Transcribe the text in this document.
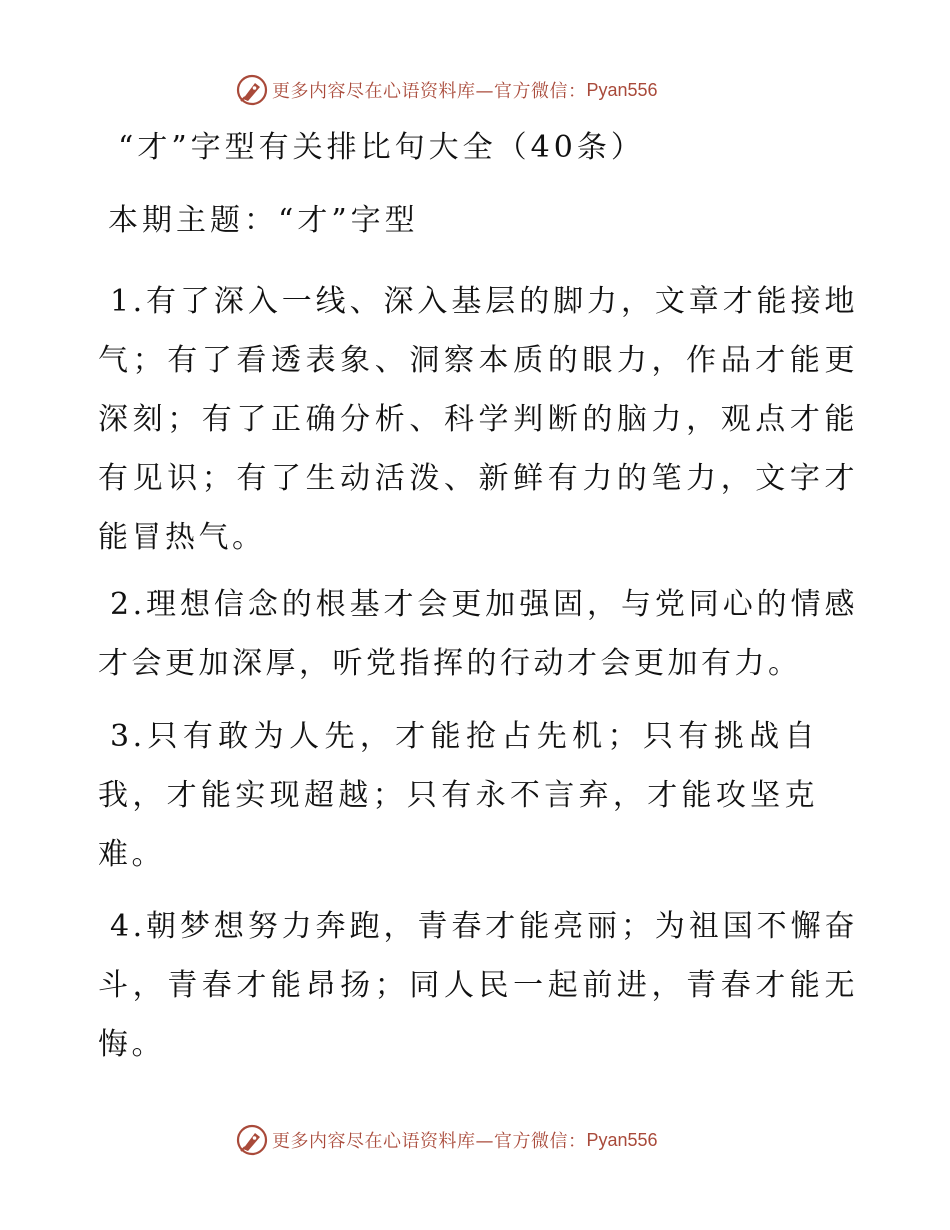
更多内容尽在心语资料库—官方微信： Pyan556
“才”字型有关排比句大全（40条）
本期主题：“才”字型

1.有了深入一线、深入基层的脚力，文章才能接地气；有了看透表象、洞察本质的眼力，作品才能更深刻；有了正确分析、科学判断的脑力，观点才能有见识；有了生动活泼、新鲜有力的笔力，文字才能冒热气。

2.理想信念的根基才会更加强固，与党同心的情感才会更加深厚，听党指挥的行动才会更加有力。

3.只有敢为人先，才能抢占先机；只有挑战自我，才能实现超越；只有永不言弃，才能攻坚克难。

4.朝梦想努力奔跑，青春才能亮丽；为祖国不懈奋斗，青春才能昂扬；同人民一起前进，青春才能无悔。

更多内容尽在心语资料库—官方微信： Pyan556
